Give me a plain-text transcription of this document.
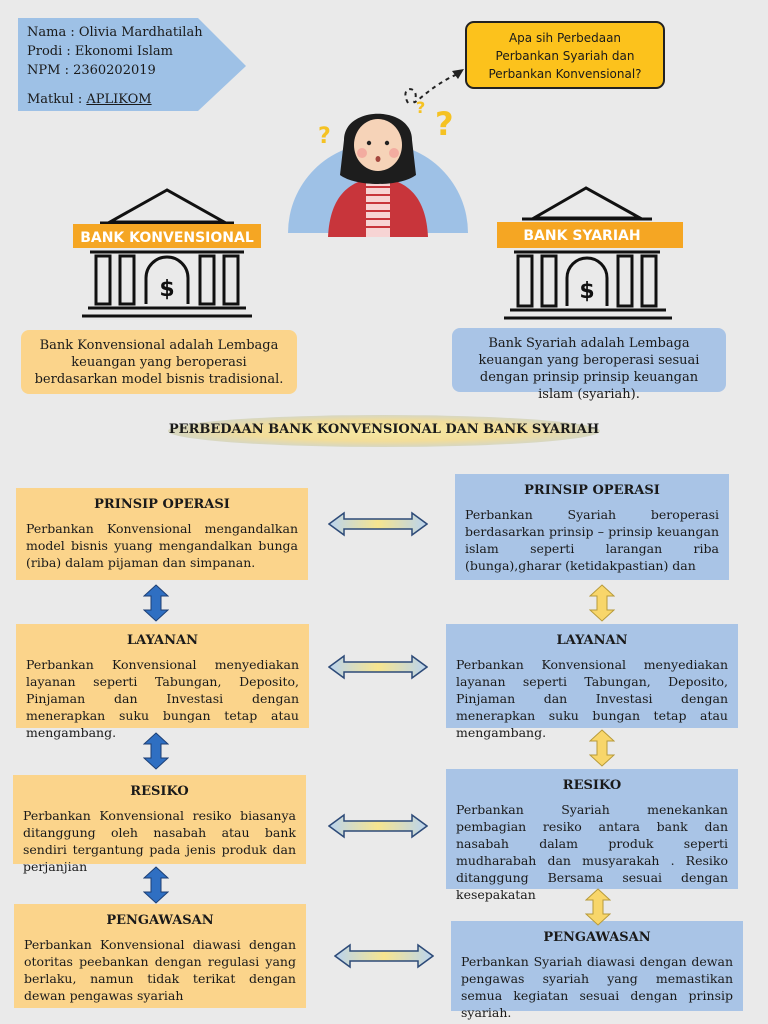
Nama : Olivia Mardhatilah
Prodi : Ekonomi Islam
NPM : 2360202019
Matkul : APLIKOM
Apa sih Perbedaan
Perbankan Syariah dan
Perbankan Konvensional?
?	?
?
BANK KONVENSIONAL
$
BANK SYARIAH
$
Bank Konvensional adalah Lembaga keuangan yang beroperasi berdasarkan model bisnis tradisional.
Bank Syariah adalah Lembaga keuangan yang beroperasi sesuai dengan prinsip prinsip keuangan islam (syariah).
PERBEDAAN BANK KONVENSIONAL DAN BANK SYARIAH
PRINSIP OPERASI

Perbankan Konvensional mengandalkan model bisnis yuang mengandalkan bunga (riba) dalam pijaman dan simpanan.

LAYANAN

Perbankan Konvensional menyediakan layanan seperti Tabungan, Deposito, Pinjaman dan Investasi dengan menerapkan suku bungan tetap atau mengambang.

RESIKO

Perbankan Konvensional resiko biasanya ditanggung oleh nasabah atau bank sendiri tergantung pada jenis produk dan perjanjian

PENGAWASAN

Perbankan Konvensional diawasi dengan otoritas peebankan dengan regulasi yang berlaku, namun tidak terikat dengan dewan pengawas syariah

PRINSIP OPERASI

Perbankan Syariah beroperasi berdasarkan prinsip – prinsip keuangan islam seperti larangan riba (bunga),gharar (ketidakpastian) dan

LAYANAN

Perbankan Konvensional menyediakan layanan seperti Tabungan, Deposito, Pinjaman dan Investasi dengan menerapkan suku bungan tetap atau mengambang.

RESIKO

Perbankan Syariah menekankan pembagian resiko antara bank dan nasabah dalam produk seperti mudharabah dan musyarakah . Resiko ditanggung Bersama sesuai dengan kesepakatan

PENGAWASAN

Perbankan Syariah diawasi dengan dewan pengawas syariah yang memastikan semua kegiatan sesuai dengan prinsip syariah.
